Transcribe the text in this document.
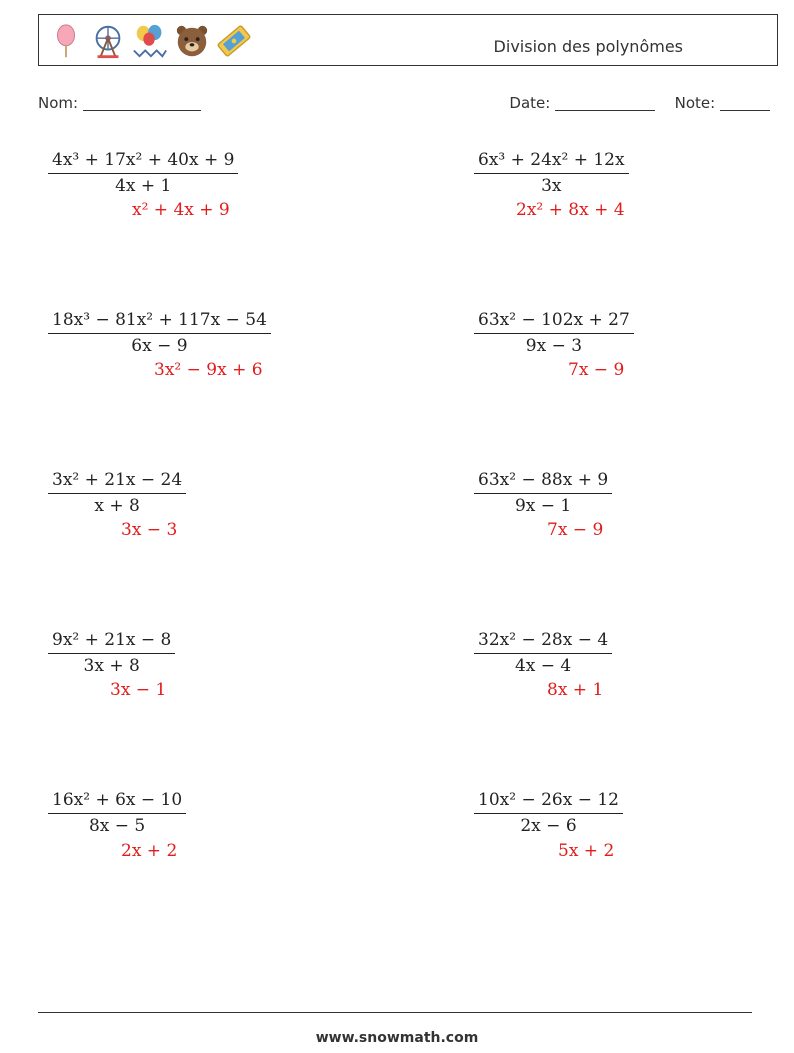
Division des polynômes
Nom:	Date:	Note:
$\frac{\text{4x³ + 17x² + 40x + 9}}{4x + 1}$
x² + 4x + 9
$\frac{\text{6x³ + 24x² + 12x}}{3x}$
2x² + 8x + 4
$\frac{\text{18x³ − 81x² + 117x − 54}}{6x - 9}$
3x² − 9x + 6
$\frac{\text{63x² − 102x + 27}}{9x - 3}$
7x − 9
$\frac{\text{3x² + 21x − 24}}{x + 8}$
3x − 3
$\frac{\text{63x² − 88x + 9}}{9x - 1}$
7x − 9
$\frac{\text{9x² + 21x − 8}}{3x + 8}$
3x − 1
$\frac{\text{32x² − 28x − 4}}{4x - 4}$
8x + 1
$\frac{\text{16x² + 6x − 10}}{8x - 5}$
2x + 2
$\frac{\text{10x² − 26x − 12}}{2x - 6}$
5x + 2
www.snowmath.com
